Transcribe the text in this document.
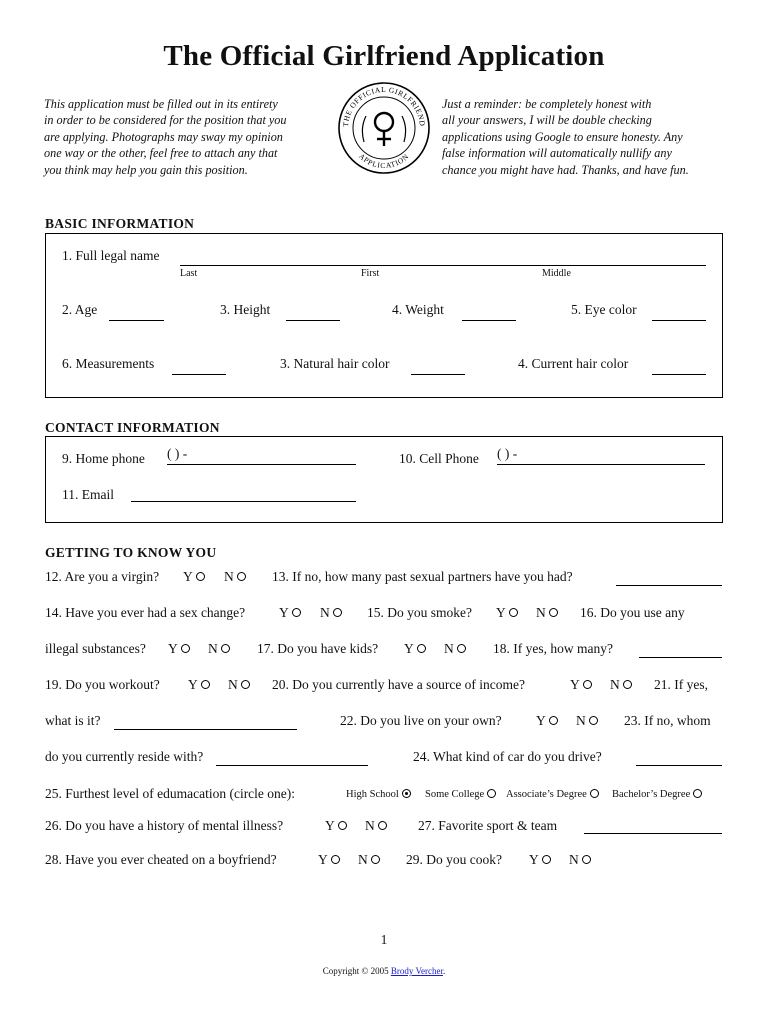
The Official Girlfriend Application
This application must be filled out in its entirety
in order to be considered for the position that you
are applying. Photographs may sway my opinion
one way or the other, feel free to attach any that
you think may help you gain this position.
THE OFFICIAL GIRLFRIEND
APPLICATION
Just a reminder: be completely honest with
all your answers, I will be double checking
applications using Google to ensure honesty. Any
false information will automatically nullify any
chance you might have had. Thanks, and have fun.
BASIC INFORMATION
1. Full legal name
Last	First	Middle
2. Age	3. Height	4. Weight	5. Eye color
6. Measurements	3. Natural hair color	4. Current hair color
CONTACT INFORMATION
9. Home phone ( ) -	10. Cell Phone ( ) -
11. Email
GETTING TO KNOW YOU
12. Are you a virgin? Y	N	13. If no, how many past sexual partners have you had?
14. Have you ever had a sex change?	Y	N	15. Do you smoke? Y	N	16. Do you use any
illegal substances? Y	N	17. Do you have kids? Y	N	18. If yes, how many?
19. Do you workout? Y	N	20. Do you currently have a source of income?	Y	N	21. If yes,
what is it?	22. Do you live on your own?	Y	N	23. If no, whom
do you currently reside with?	24. What kind of car do you drive?
25. Furthest level of edumacation (circle one):	High School	Some College	Associate’s Degree	Bachelor’s Degree
26. Do you have a history of mental illness?	Y	N	27. Favorite sport & team
28. Have you ever cheated on a boyfriend?	Y	N	29. Do you cook? Y	N
1
Copyright © 2005 Brody Vercher.
